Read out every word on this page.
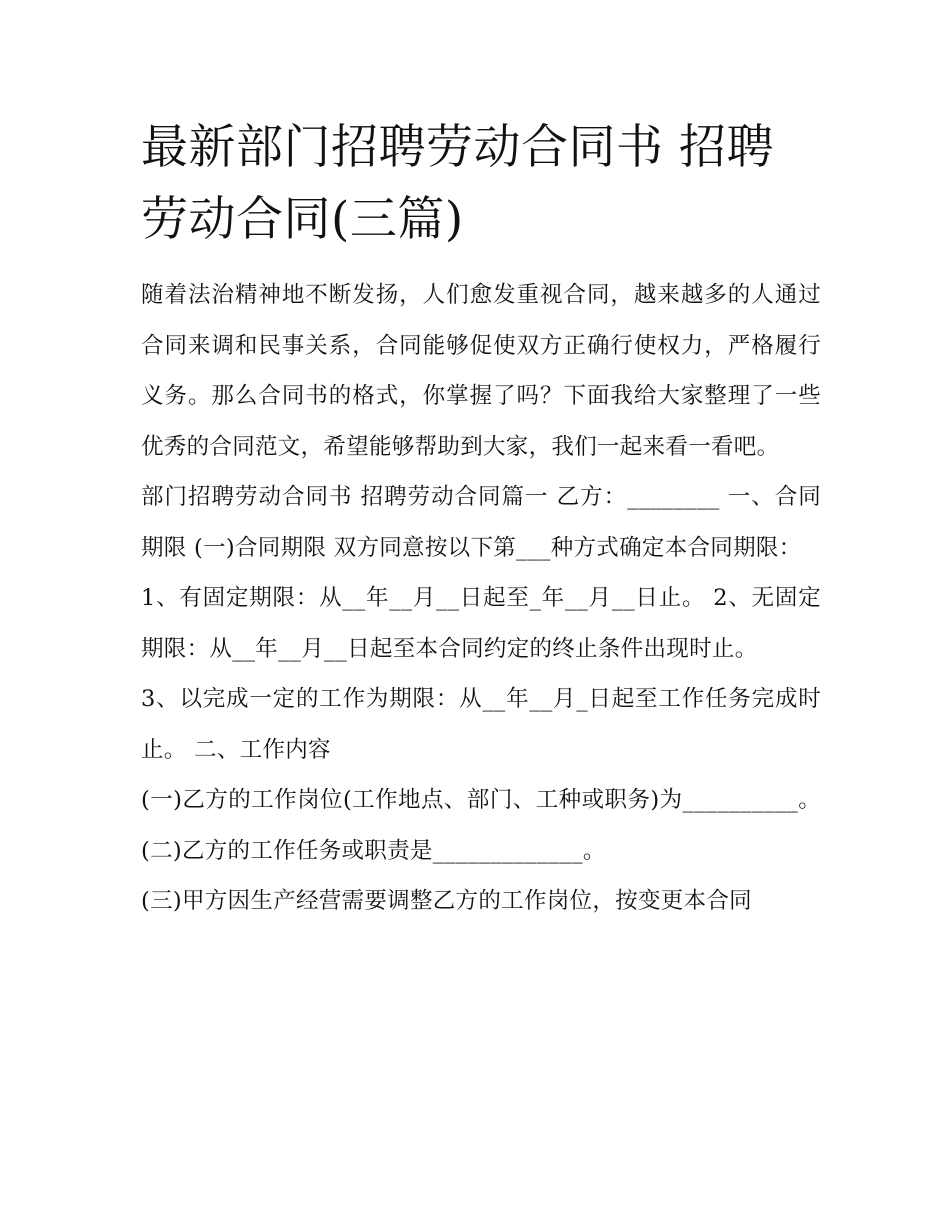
最新部门招聘劳动合同书 招聘劳动合同(三篇)

随着法治精神地不断发扬，人们愈发重视合同，越来越多的人通过合同来调和民事关系，合同能够促使双方正确行使权力，严格履行义务。那么合同书的格式，你掌握了吗？下面我给大家整理了一些优秀的合同范文，希望能够帮助到大家，我们一起来看一看吧。

部门招聘劳动合同书 招聘劳动合同篇一 乙方：________ 一、合同期限 (一)合同期限 双方同意按以下第___种方式确定本合同期限：

1、有固定期限：从__年__月__日起至_年__月__日止。 2、无固定期限：从__年__月__日起至本合同约定的终止条件出现时止。

3、以完成一定的工作为期限：从__年__月_日起至工作任务完成时止。 二、工作内容

(一)乙方的工作岗位(工作地点、部门、工种或职务)为__________。 (二)乙方的工作任务或职责是_____________。

(三)甲方因生产经营需要调整乙方的工作岗位，按变更本合同
